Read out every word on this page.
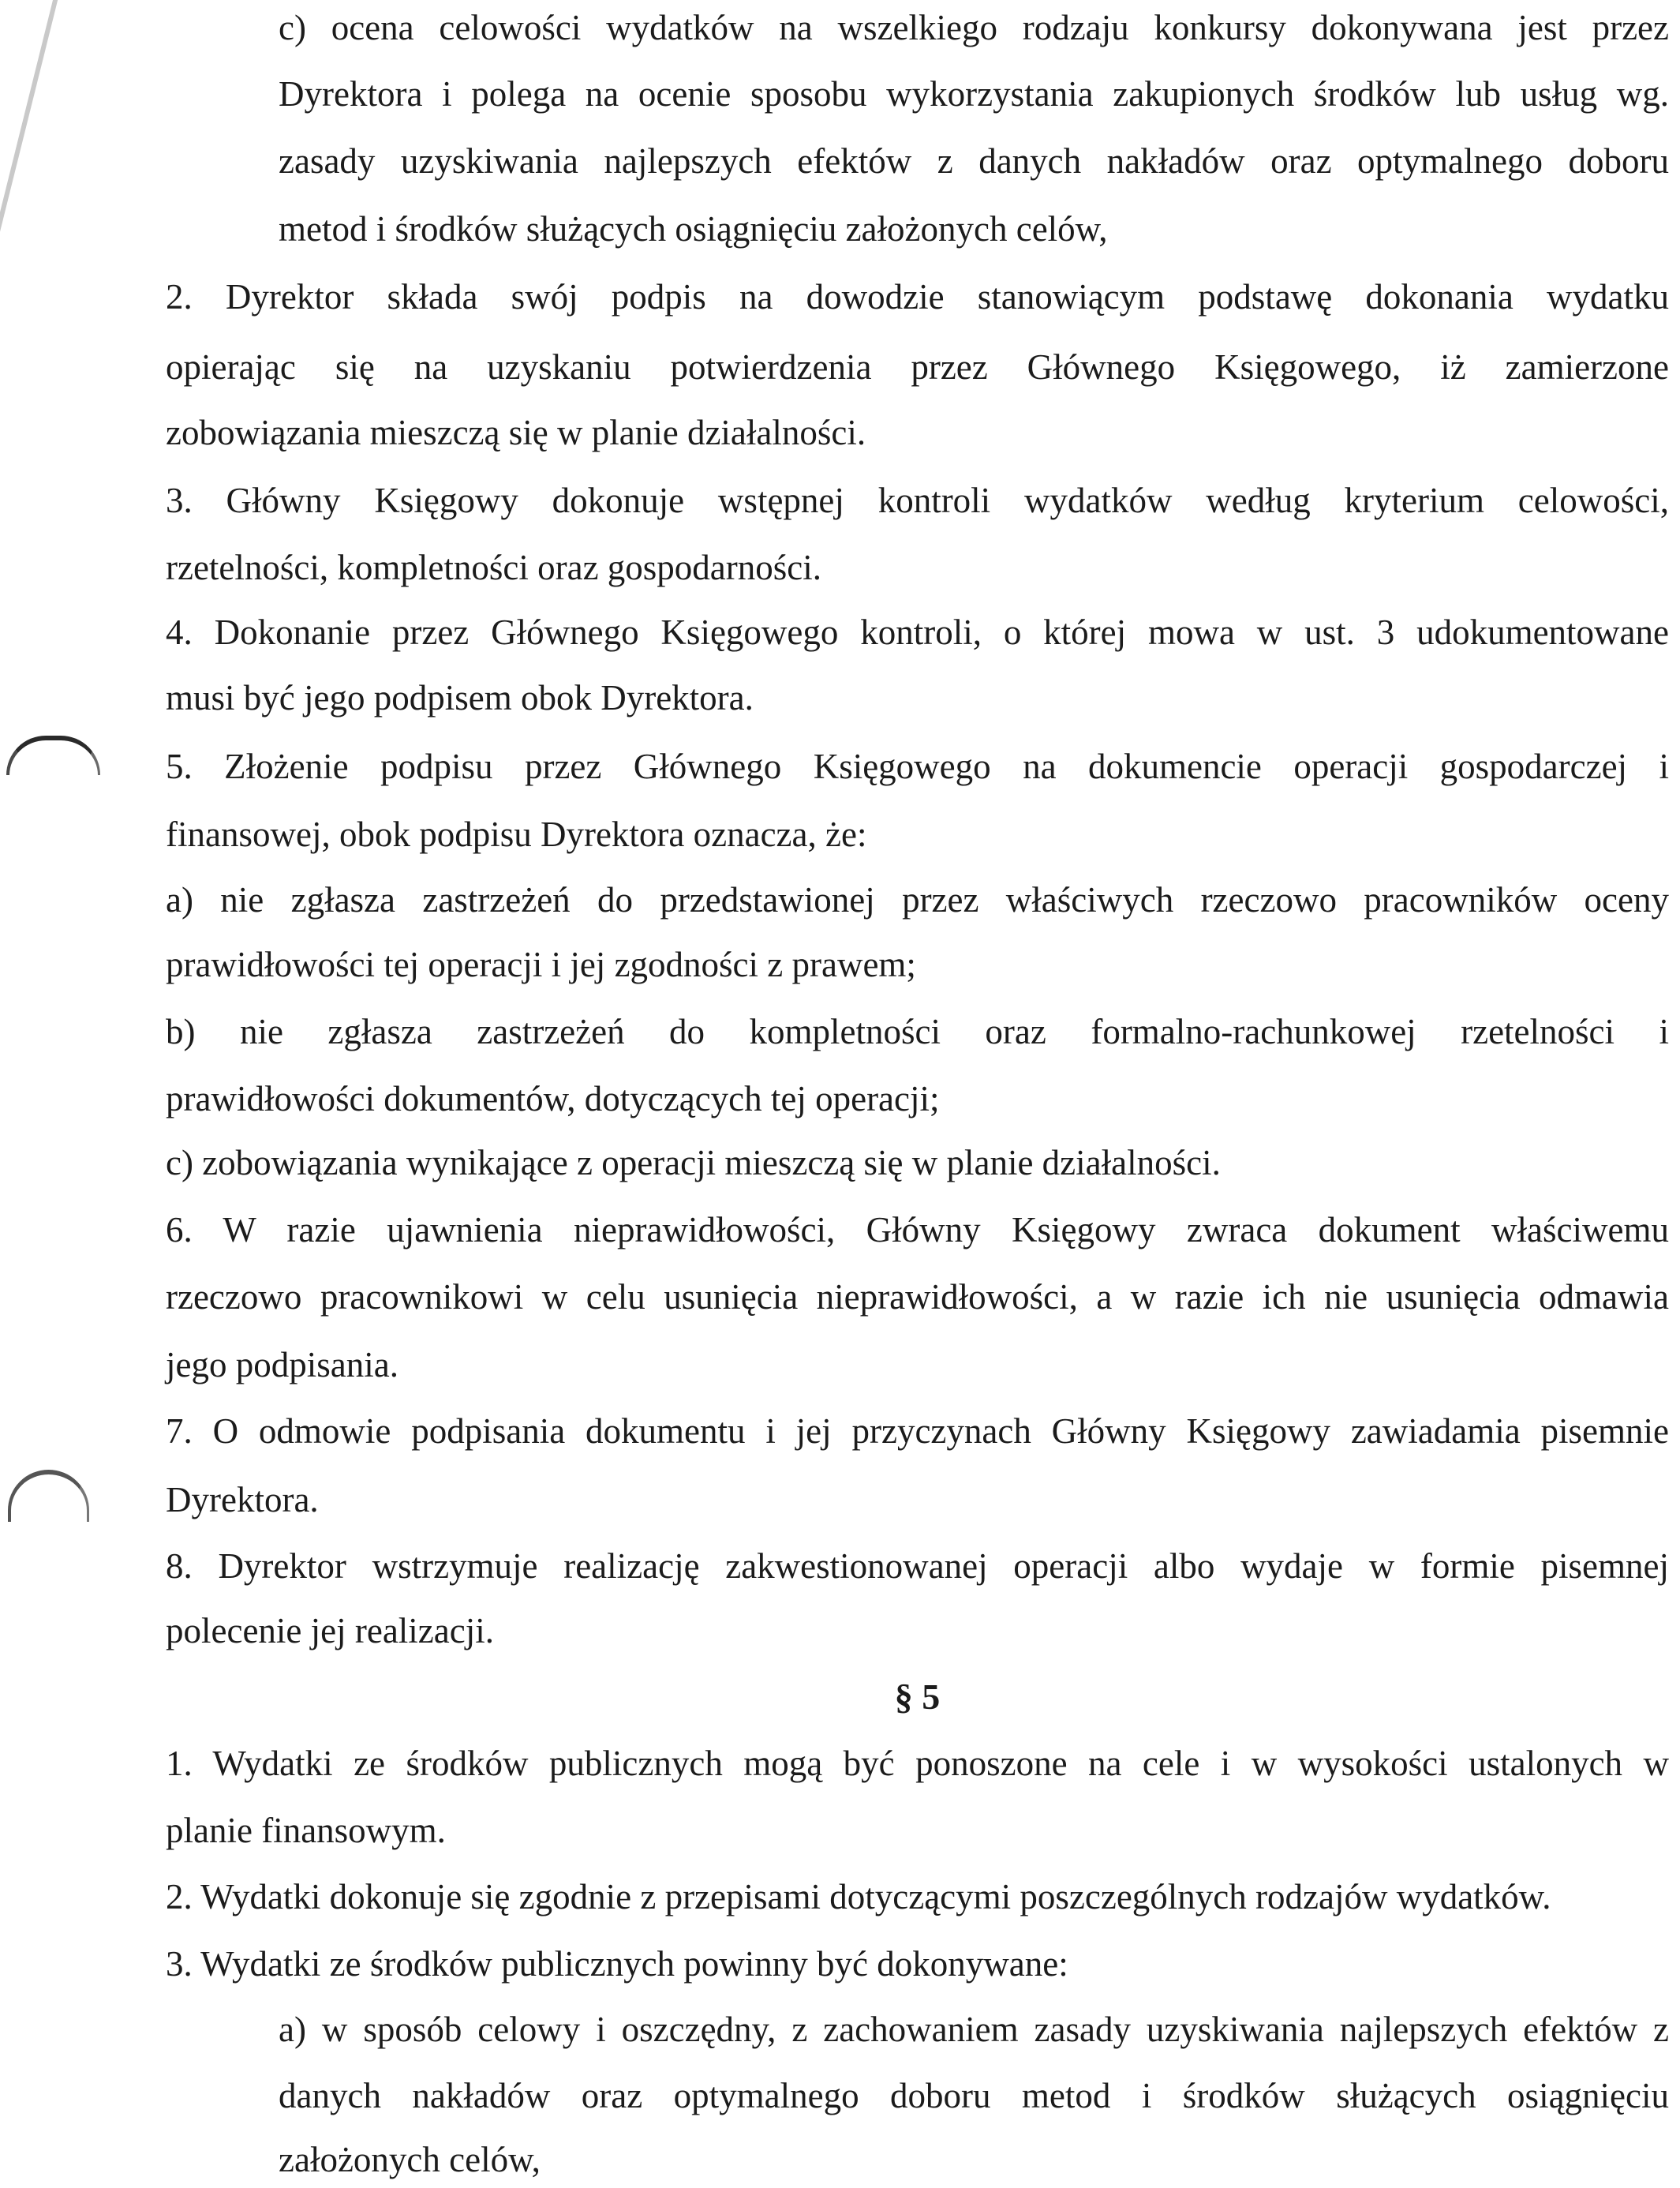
c) ocena celowości wydatków na wszelkiego rodzaju konkursy dokonywana jest przez
Dyrektora i polega na ocenie sposobu wykorzystania zakupionych środków lub usług wg.
zasady uzyskiwania najlepszych efektów z danych nakładów oraz optymalnego doboru
metod i środków służących osiągnięciu założonych celów,
2. Dyrektor składa swój podpis na dowodzie stanowiącym podstawę dokonania wydatku
opierając się na uzyskaniu potwierdzenia przez Głównego Księgowego, iż zamierzone
zobowiązania mieszczą się w planie działalności.
3. Główny Księgowy dokonuje wstępnej kontroli wydatków według kryterium celowości,
rzetelności, kompletności oraz gospodarności.
4. Dokonanie przez Głównego Księgowego kontroli, o której mowa w ust. 3 udokumentowane
musi być jego podpisem obok Dyrektora.
5. Złożenie podpisu przez Głównego Księgowego na dokumencie operacji gospodarczej i
finansowej, obok podpisu Dyrektora oznacza, że:
a) nie zgłasza zastrzeżeń do przedstawionej przez właściwych rzeczowo pracowników oceny
prawidłowości tej operacji i jej zgodności z prawem;
b) nie zgłasza zastrzeżeń do kompletności oraz formalno-rachunkowej rzetelności i
prawidłowości dokumentów, dotyczących tej operacji;
c) zobowiązania wynikające z operacji mieszczą się w planie działalności.
6. W razie ujawnienia nieprawidłowości, Główny Księgowy zwraca dokument właściwemu
rzeczowo pracownikowi w celu usunięcia nieprawidłowości, a w razie ich nie usunięcia odmawia
jego podpisania.
7. O odmowie podpisania dokumentu i jej przyczynach Główny Księgowy zawiadamia pisemnie
Dyrektora.
8. Dyrektor wstrzymuje realizację zakwestionowanej operacji albo wydaje w formie pisemnej
polecenie jej realizacji.
§ 5
1. Wydatki ze środków publicznych mogą być ponoszone na cele i w wysokości ustalonych w
planie finansowym.
2. Wydatki dokonuje się zgodnie z przepisami dotyczącymi poszczególnych rodzajów wydatków.
3. Wydatki ze środków publicznych powinny być dokonywane:
a) w sposób celowy i oszczędny, z zachowaniem zasady uzyskiwania najlepszych efektów z
danych nakładów oraz optymalnego doboru metod i środków służących osiągnięciu
założonych celów,
